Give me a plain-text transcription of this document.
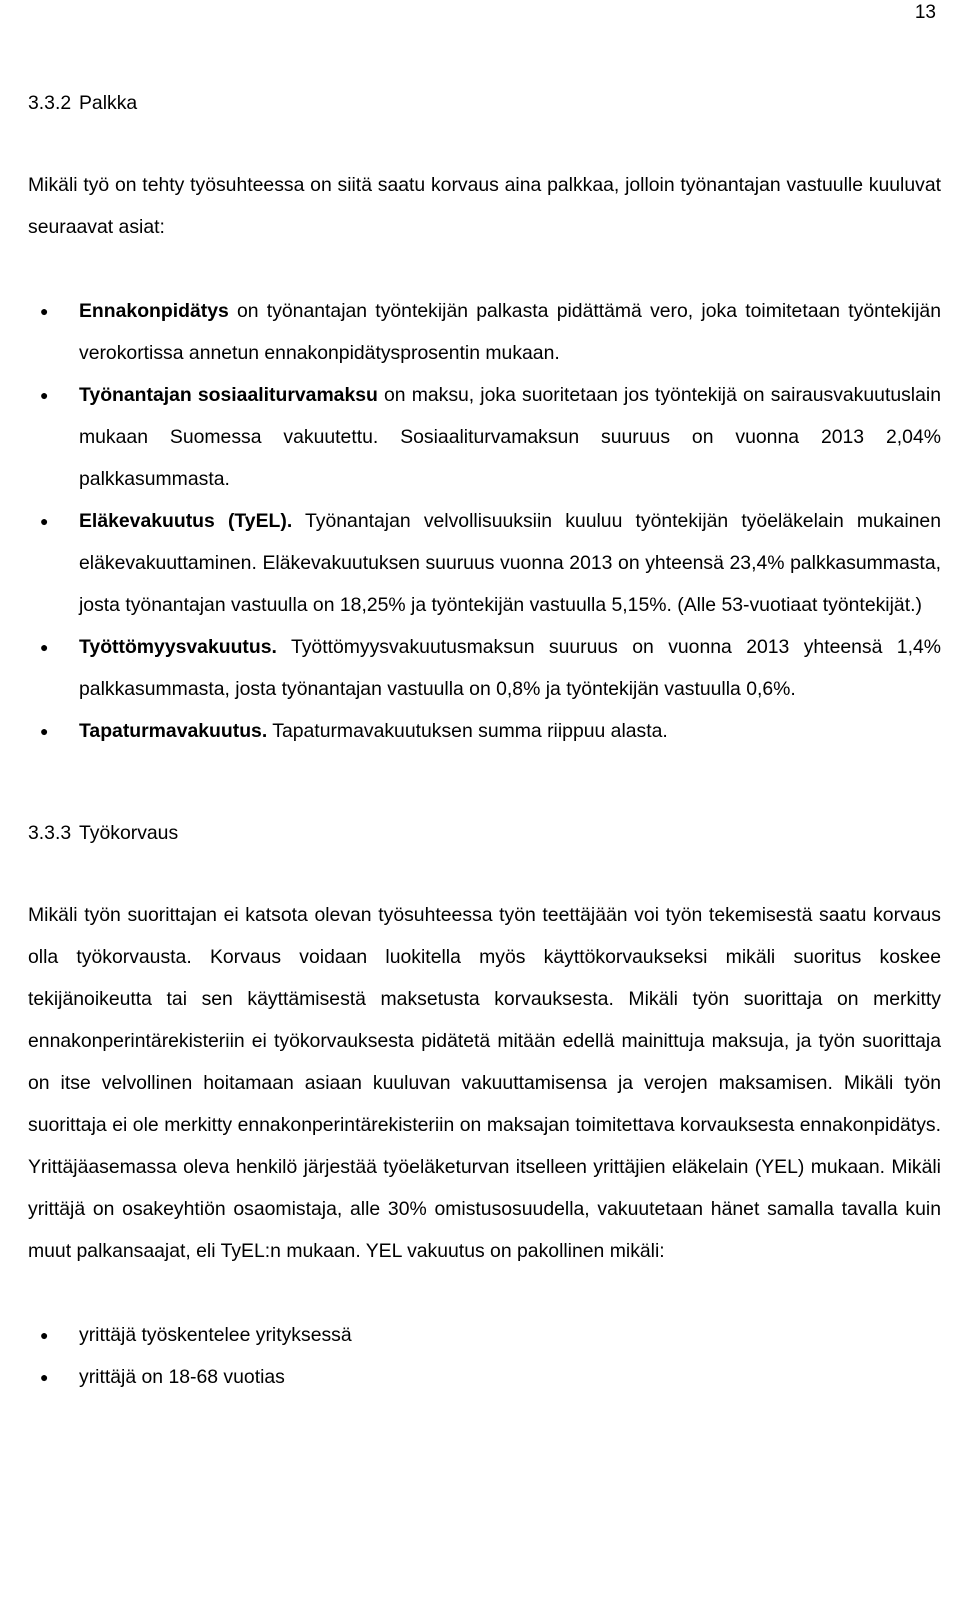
13
3.3.2 Palkka

Mikäli työ on tehty työsuhteessa on siitä saatu korvaus aina palkkaa, jolloin työnantajan vastuulle kuuluvat seuraavat asiat:

● Ennakonpidätys on työnantajan työntekijän palkasta pidättämä vero, joka toimitetaan työntekijän verokortissa annetun ennakonpidätysprosentin mukaan.
● Työnantajan sosiaaliturvamaksu on maksu, joka suoritetaan jos työntekijä on sairausvakuutuslain mukaan Suomessa vakuutettu. Sosiaaliturvamaksun suuruus on vuonna 2013 2,04% palkkasummasta.
● Eläkevakuutus (TyEL). Työnantajan velvollisuuksiin kuuluu työntekijän työeläkelain mukainen eläkevakuuttaminen. Eläkevakuutuksen suuruus vuonna 2013 on yhteensä 23,4% palkkasummasta, josta työnantajan vastuulla on 18,25% ja työntekijän vastuulla 5,15%. (Alle 53-vuotiaat työntekijät.)
● Työttömyysvakuutus. Työttömyysvakuutusmaksun suuruus on vuonna 2013 yhteensä 1,4% palkkasummasta, josta työnantajan vastuulla on 0,8% ja työntekijän vastuulla 0,6%.
● Tapaturmavakuutus. Tapaturmavakuutuksen summa riippuu alasta.
3.3.3 Työkorvaus

Mikäli työn suorittajan ei katsota olevan työsuhteessa työn teettäjään voi työn tekemisestä saatu korvaus olla työkorvausta. Korvaus voidaan luokitella myös käyttökorvaukseksi mikäli suoritus koskee tekijänoikeutta tai sen käyttämisestä maksetusta korvauksesta. Mikäli työn suorittaja on merkitty ennakonperintärekisteriin ei työkorvauksesta pidätetä mitään edellä mainittuja maksuja, ja työn suorittaja on itse velvollinen hoitamaan asiaan kuuluvan vakuuttamisensa ja verojen maksamisen. Mikäli työn suorittaja ei ole merkitty ennakonperintärekisteriin on maksajan toimitettava korvauksesta ennakonpidätys. Yrittäjäasemassa oleva henkilö järjestää työeläketurvan itselleen yrittäjien eläkelain (YEL) mukaan. Mikäli yrittäjä on osakeyhtiön osaomistaja, alle 30% omistusosuudella, vakuutetaan hänet samalla tavalla kuin muut palkansaajat, eli TyEL:n mukaan. YEL vakuutus on pakollinen mikäli:

● yrittäjä työskentelee yrityksessä
● yrittäjä on 18-68 vuotias
